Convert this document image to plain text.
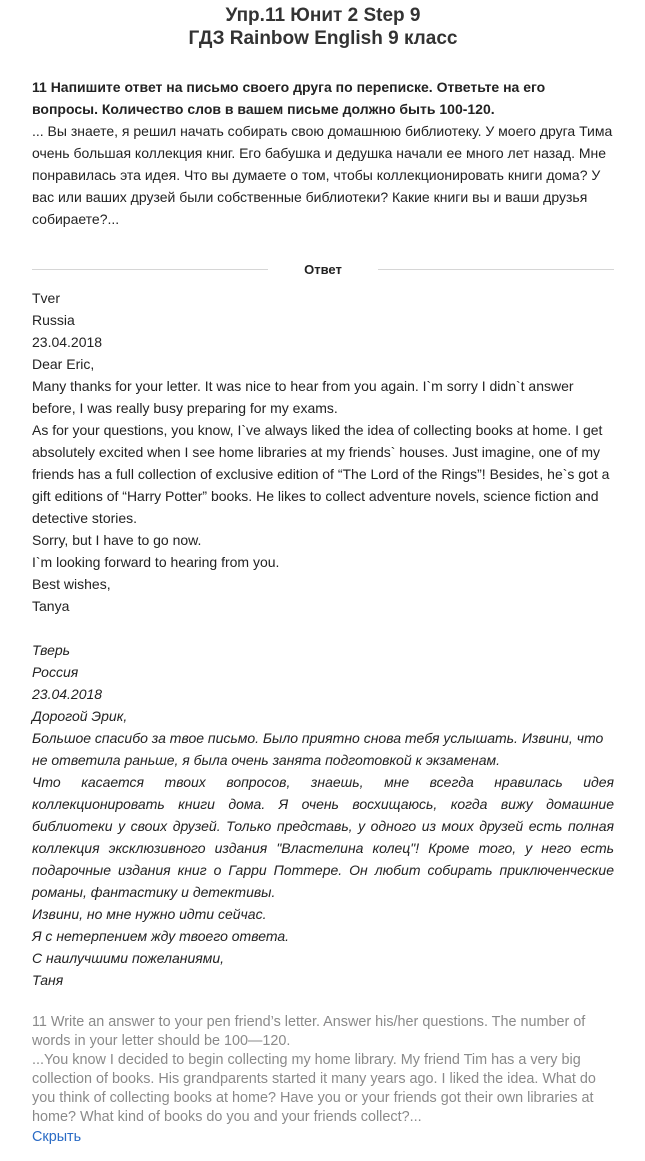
Упр.11 Юнит 2 Step 9
ГДЗ Rainbow English 9 класс
11 Напишите ответ на письмо своего друга по переписке. Ответьте на его вопросы. Количество слов в вашем письме должно быть 100-120.
... Вы знаете, я решил начать собирать свою домашнюю библиотеку. У моего друга Тима очень большая коллекция книг. Его бабушка и дедушка начали ее много лет назад. Мне понравилась эта идея. Что вы думаете о том, чтобы коллекционировать книги дома? У вас или ваших друзей были собственные библиотеки? Какие книги вы и ваши друзья собираете?...
Ответ
Tver
Russia
23.04.2018
Dear Eric,
Many thanks for your letter. It was nice to hear from you again. I`m sorry I didn`t answer before, I was really busy preparing for my exams.
As for your questions, you know, I`ve always liked the idea of collecting books at home. I get absolutely excited when I see home libraries at my friends` houses. Just imagine, one of my friends has a full collection of exclusive edition of “The Lord of the Rings”! Besides, he`s got a gift editions of “Harry Potter” books. He likes to collect adventure novels, science fiction and detective stories.
Sorry, but I have to go now.
I`m looking forward to hearing from you.
Best wishes,
Tanya
Тверь
Россия
23.04.2018
Дорогой Эрик,
Большое спасибо за твое письмо. Было приятно снова тебя услышать. Извини, что не ответила раньше, я была очень занята подготовкой к экзаменам.
Что касается твоих вопросов, знаешь, мне всегда нравилась идея коллекционировать книги дома. Я очень восхищаюсь, когда вижу домашние библиотеки у своих друзей. Только представь, у одного из моих друзей есть полная коллекция эксклюзивного издания "Властелина колец"! Кроме того, у него есть подарочные издания книг о Гарри Поттере. Он любит собирать приключенческие романы, фантастику и детективы.
Извини, но мне нужно идти сейчас.
Я с нетерпением жду твоего ответа.
С наилучшими пожеланиями,
Таня
11 Write an answer to your pen friend’s letter. Answer his/her questions. The number of words in your letter should be 100—120.
...You know I decided to begin collecting my home library. My friend Tim has a very big collection of books. His grandparents started it many years ago. I liked the idea. What do you think of collecting books at home? Have you or your friends got their own libraries at home? What kind of books do you and your friends collect?...
Скрыть
